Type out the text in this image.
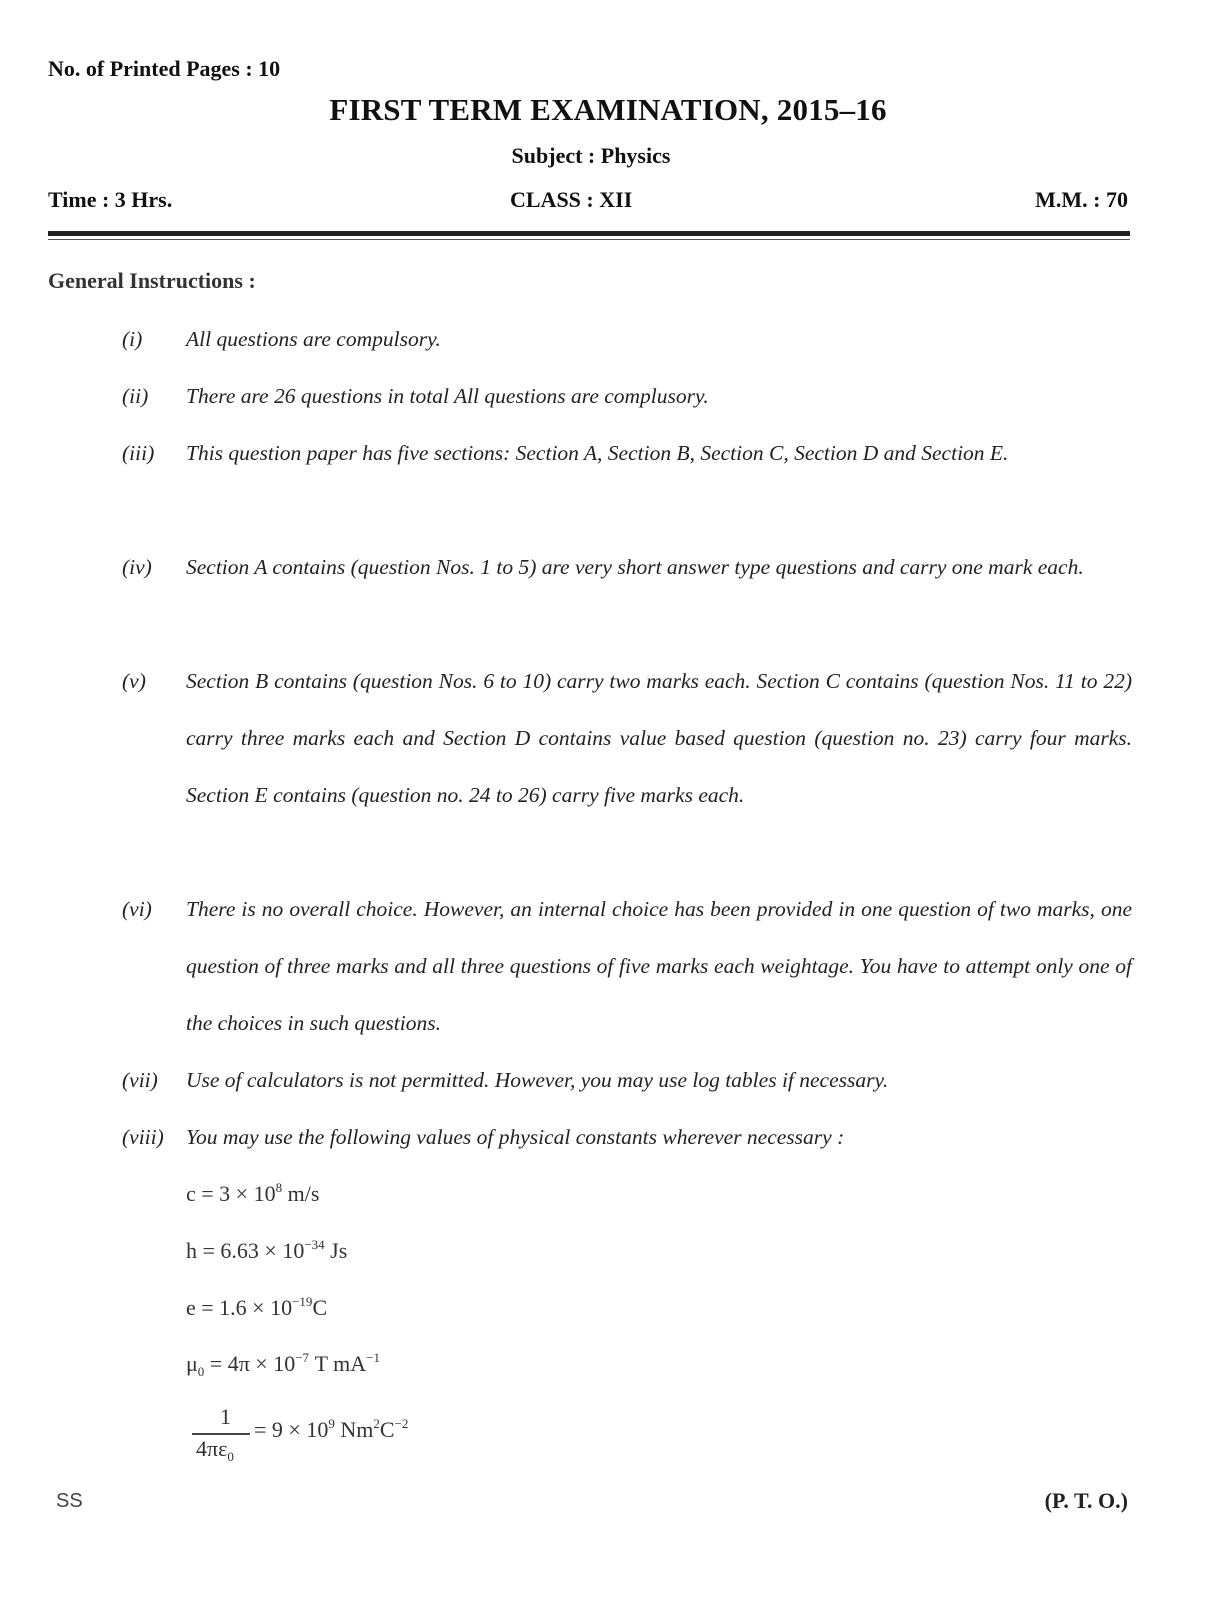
No. of Printed Pages : 10
FIRST TERM EXAMINATION, 2015–16
Subject : Physics
Time : 3 Hrs.	CLASS : XII	M.M. : 70
General Instructions :
(i)	All questions are compulsory.
(ii)	There are 26 questions in total All questions are complusory.
(iii)	This question paper has five sections: Section A, Section B, Section C, Section D and Section E.
(iv)	Section A contains (question Nos. 1 to 5) are very short answer type questions and carry one mark each.
(v)	Section B contains (question Nos. 6 to 10) carry two marks each. Section C contains (question Nos. 11 to 22) carry three marks each and Section D contains value based question (question no. 23) carry four marks. Section E contains (question no. 24 to 26) carry five marks each.
(vi)	There is no overall choice. However, an internal choice has been provided in one question of two marks, one question of three marks and all three questions of five marks each weightage. You have to attempt only one of the choices in such questions.
(vii)	Use of calculators is not permitted. However, you may use log tables if necessary.
(viii)	You may use the following values of physical constants wherever necessary :
$c = 3 \times 10^8$ m/s
$h = 6.63 \times 10^{-34}$ Js
$e = 1.6 \times 10^{-19}C$
$\mu_0 = 4\pi \times 10^{-7}$ T $mA^{-1}$
1
$4\pi\varepsilon_0$
= $9 \times 10^9$ $Nm^2C^{-2}$
SS	(P. T. O.)
